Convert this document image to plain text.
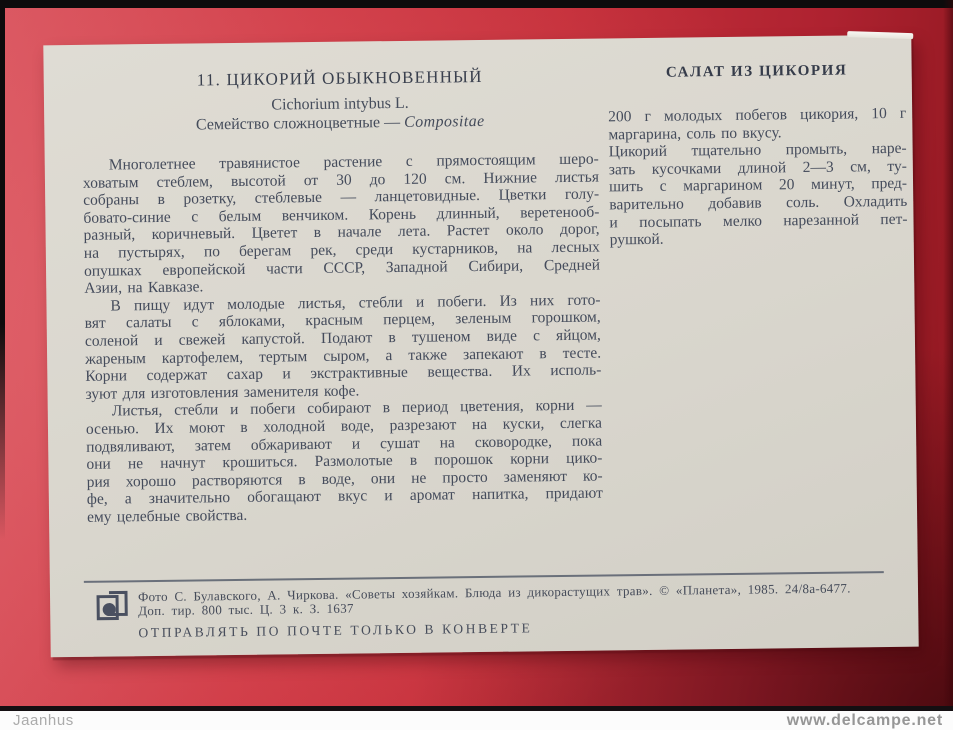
11. ЦИКОРИЙ ОБЫКНОВЕННЫЙ
Cichorium intybus L.
Семейство сложноцветные — Compositae
Многолетнее травянистое растение с прямостоящим шеро-
ховатым стеблем, высотой от 30 до 120 см. Нижние листья
собраны в розетку, стеблевые — ланцетовидные. Цветки голу-
бовато-синие с белым венчиком. Корень длинный, веретенооб-
разный, коричневый. Цветет в начале лета. Растет около дорог,
на пустырях, по берегам рек, среди кустарников, на лесных
опушках европейской части СССР, Западной Сибири, Средней
Азии, на Кавказе.
В пищу идут молодые листья, стебли и побеги. Из них гото-
вят салаты с яблоками, красным перцем, зеленым горошком,
соленой и свежей капустой. Подают в тушеном виде с яйцом,
жареным картофелем, тертым сыром, а также запекают в тесте.
Корни содержат сахар и экстрактивные вещества. Их исполь-
зуют для изготовления заменителя кофе.
Листья, стебли и побеги собирают в период цветения, корни —
осенью. Их моют в холодной воде, разрезают на куски, слегка
подвяливают, затем обжаривают и сушат на сковородке, пока
они не начнут крошиться. Размолотые в порошок корни цико-
рия хорошо растворяются в воде, они не просто заменяют ко-
фе, а значительно обогащают вкус и аромат напитка, придают
ему целебные свойства.
САЛАТ ИЗ ЦИКОРИЯ
200 г молодых побегов цикория, 10 г
маргарина, соль по вкусу.
Цикорий тщательно промыть, наре-
зать кусочками длиной 2—3 см, ту-
шить с маргарином 20 минут, пред-
варительно добавив соль. Охладить
и посыпать мелко нарезанной пет-
рушкой.
Фото С. Булавского, А. Чиркова. «Советы хозяйкам. Блюда из дикорастущих трав». © «Планета», 1985. 24/8а-6477.
Доп. тир. 800 тыс. Ц. 3 к. З. 1637
ОТПРАВЛЯТЬ ПО ПОЧТЕ ТОЛЬКО В КОНВЕРТЕ
Jaanhus	www.delcampe.net
